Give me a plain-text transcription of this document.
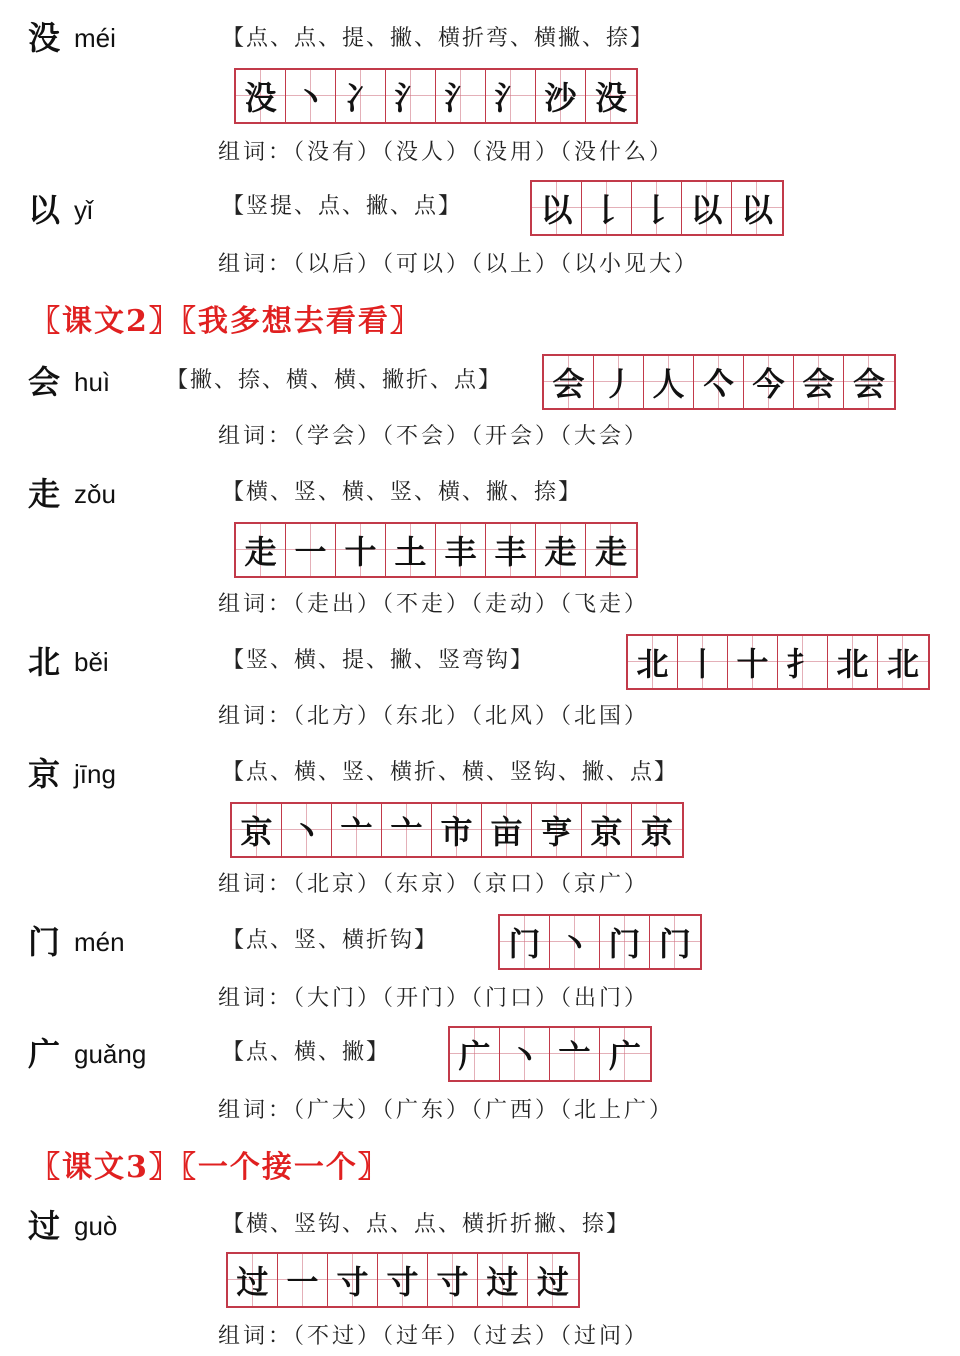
没 méi	【点、点、提、撇、横折弯、横撇、捺】
没 丶 冫 氵 氵 氵 沙 没
组词：（没有）（没人）（没用）（没什么）
以 yǐ	【竖提、点、撇、点】 以 𠄌 𠄌 以 以
组词：（以后）（可以）（以上）（以小见大）
〖课文2〗〖我多想去看看〗
会 huì	【撇、捺、横、横、撇折、点】 会 丿 人 亽 今 会 会
组词：（学会）（不会）（开会）（大会）
走 zǒu	【横、竖、横、竖、横、撇、捺】
走 一 十 土 丰 丰 走 走
组词：（走出）（不走）（走动）（飞走）
北 běi	【竖、横、提、撇、竖弯钩】	北 丨 十 扌 北 北
组词：（北方）（东北）（北风）（北国）
京 jīng	【点、横、竖、横折、横、竖钩、撇、点】
京 丶 亠 亠 市 亩 亨 京 京
组词：（北京）（东京）（京口）（京广）
门 mén	【点、竖、横折钩】 门 丶 门 门
组词：（大门）（开门）（门口）（出门）
广 guǎng	【点、横、撇】 广 丶 亠 广
组词：（广大）（广东）（广西）（北上广）
〖课文3〗〖一个接一个〗
过 guò	【横、竖钩、点、点、横折折撇、捺】
过 一 寸 寸 寸 过 过
组词：（不过）（过年）（过去）（过问）
